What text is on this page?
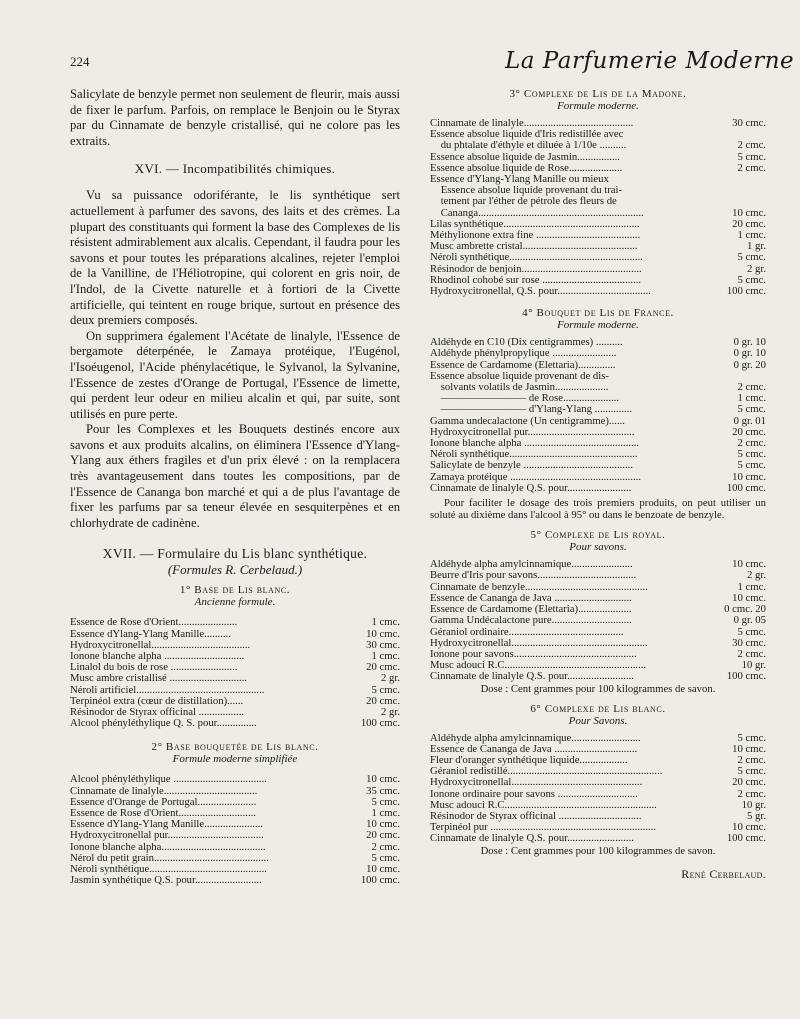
224	La Parfumerie Moderne

Salicylate de benzyle permet non seulement de fleurir, mais aussi de fixer le parfum. Parfois, on remplace le Benjoin ou le Styrax par du Cinnamate de benzyle cristallisé, qui ne colore pas les extraits.

XVI. — Incompatibilités chimiques.

Vu sa puissance odoriférante, le lis synthétique sert actuellement à parfumer des savons, des laits et des crèmes. La plupart des constituants qui forment la base des Complexes de lis résistent admirablement aux alcalis. Cependant, il faudra pour les savons et pour toutes les préparations alcalines, rejeter l'emploi de la Vanilline, de l'Héliotropine, qui colorent en gris noir, de l'Indol, de la Civette naturelle et à fortiori de la Civette artificielle, qui teintent en rouge brique, surtout en présence des deux premiers composés.

On supprimera également l'Acétate de linalyle, l'Essence de bergamote déterpénée, le Zamaya protéique, l'Eugénol, l'Isoéugenol, l'Acide phénylacétique, le Sylvanol, la Sylvanine, l'Essence de zestes d'Orange de Portugal, l'Essence de limette, qui perdent leur odeur en milieu alcalin et qui, par suite, sont utilisés en pure perte.

Pour les Complexes et les Bouquets destinés encore aux savons et aux produits alcalins, on éliminera l'Essence d'Ylang-Ylang aux éthers fragiles et d'un prix élevé : on la remplacera très avantageusement dans toutes les compositions, par de l'Essence de Cananga bon marché et qui a de plus l'avantage de fixer les parfums par sa teneur élevée en sesquiterpènes et en chlorhydrate de cadinène.

XVII. — Formulaire du Lis blanc synthétique.

(Formules R. Cerbelaud.)

1° Base de Lis blanc.

Ancienne formule.

Essence de Rose d'Orient......................	1 cmc.
Essence dYlang-Ylang Manille..........	10 cmc.
Hydroxycitronellal.....................................	30 cmc.
Ionone blanche alpha ..............................	1 cmc.
Linalol du bois de rose .........................	20 cmc.
Musc ambre cristallisé .............................	2 gr.
Néroli artificiel................................................	5 cmc.
Terpinéol extra (cœur de distillation)......	20 cmc.
Résinodor de Styrax officinal .................	2 gr.
Alcool phényléthylique Q. S. pour...............	100 cmc.

2° Base bouquetée de Lis blanc.

Formule moderne simplifiée

Alcool phényléthylique ...................................	10 cmc.
Cinnamate de linalyle...................................	35 cmc.
Essence d'Orange de Portugal......................	5 cmc.
Essence de Rose d'Orient.............................	1 cmc.
Essence dYlang-Ylang Manille......................	10 cmc.
Hydroxycitronellal pur....................................	20 cmc.
Ionone blanche alpha.......................................	2 cmc.
Nérol du petit grain...........................................	5 cmc.
Néroli synthétique............................................	10 cmc.
Jasmin synthétique Q.S. pour.........................	100 cmc.

3° Complexe de Lis de la Madone.

Formule moderne.

Cinnamate de linalyle.........................................	30 cmc.
Essence absolue liquide d'Iris redistillée avec
du phtalate d'éthyle et diluée à 1/10e ..........	2 cmc.
Essence absolue liquide de Jasmin................	5 cmc.
Essence absolue liquide de Rose....................	2 cmc.
Essence d'Ylang-Ylang Manille ou mieux
Essence absolue liquide provenant du trai-
tement par l'éther de pétrole des fleurs de
Cananga..............................................................	10 cmc.
Lilas synthétique...................................................	20 cmc.
Méthylionone extra fine .......................................	1 cmc.
Musc ambrette cristal...........................................	1 gr.
Néroli synthétique..................................................	5 cmc.
Résinodor de benjoin.............................................	2 gr.
Rhodinol cohobé sur rose .....................................	5 cmc.
Hydroxycitronellal, Q.S. pour...................................	100 cmc.

4° Bouquet de Lis de France.

Formule moderne.

Aldéhyde en C10 (Dix centigrammes) ..........	0 gr. 10
Aldéhyde phénylpropylique ........................	0 gr. 10
Essence de Cardamome (Elettaria)..............	0 gr. 20
Essence absolue liquide provenant de dis-
solvants volatils de Jasmin....................	2 cmc.
———————— de Rose.....................	1 cmc.
———————— d'Ylang-Ylang ..............	5 cmc.
Gamma undecalactone (Un centigramme)......	0 gr. 01
Hydroxycitronellal pur........................................	20 cmc.
Ionone blanche alpha ...........................................	2 cmc.
Néroli synthétique................................................	5 cmc.
Salicylate de benzyle .........................................	5 cmc.
Zamaya protéique .................................................	10 cmc.
Cinnamate de linalyle Q.S. pour........................	100 cmc.

Pour faciliter le dosage des trois premiers produits, on peut utiliser un soluté au dixième dans l'alcool à 95° ou dans le benzoate de benzyle.

5° Complexe de Lis royal.

Pour savons.

Aldéhyde alpha amylcinnamique.......................	10 cmc.
Beurre d'Iris pour savons.....................................	2 gr.
Cinnamate de benzyle..............................................	1 cmc.
Essence de Cananga de Java .............................	10 cmc.
Essence de Cardamome (Elettaria)....................	0 cmc. 20
Gamma Undécalactone pure..............................	0 gr. 05
Géraniol ordinaire...........................................	5 cmc.
Hydroxycitronellal...................................................	30 cmc.
Ionone pour savons..............................................	2 cmc.
Musc adouci R.C.....................................................	10 gr.
Cinnamate de linalyle Q.S. pour.........................	100 cmc.
Dose : Cent grammes pour 100 kilogrammes de savon.

6° Complexe de Lis blanc.

Pour Savons.

Aldéhyde alpha amylcinnamique..........................	5 cmc.
Essence de Cananga de Java ...............................	10 cmc.
Fleur d'oranger synthétique liquide..................	2 cmc.
Géraniol redistillé..........................................................	5 cmc.
Hydroxycitronellal.................................................	20 cmc.
Ionone ordinaire pour savons ..............................	2 cmc.
Musc adouci R.C.........................................................	10 gr.
Résinodor de Styrax officinal ...............................	5 gr.
Terpinéol pur ..............................................................	10 cmc.
Cinnamate de linalyle Q.S. pour.........................	100 cmc.
Dose : Cent grammes pour 100 kilogrammes de savon.
René Cerbelaud.
